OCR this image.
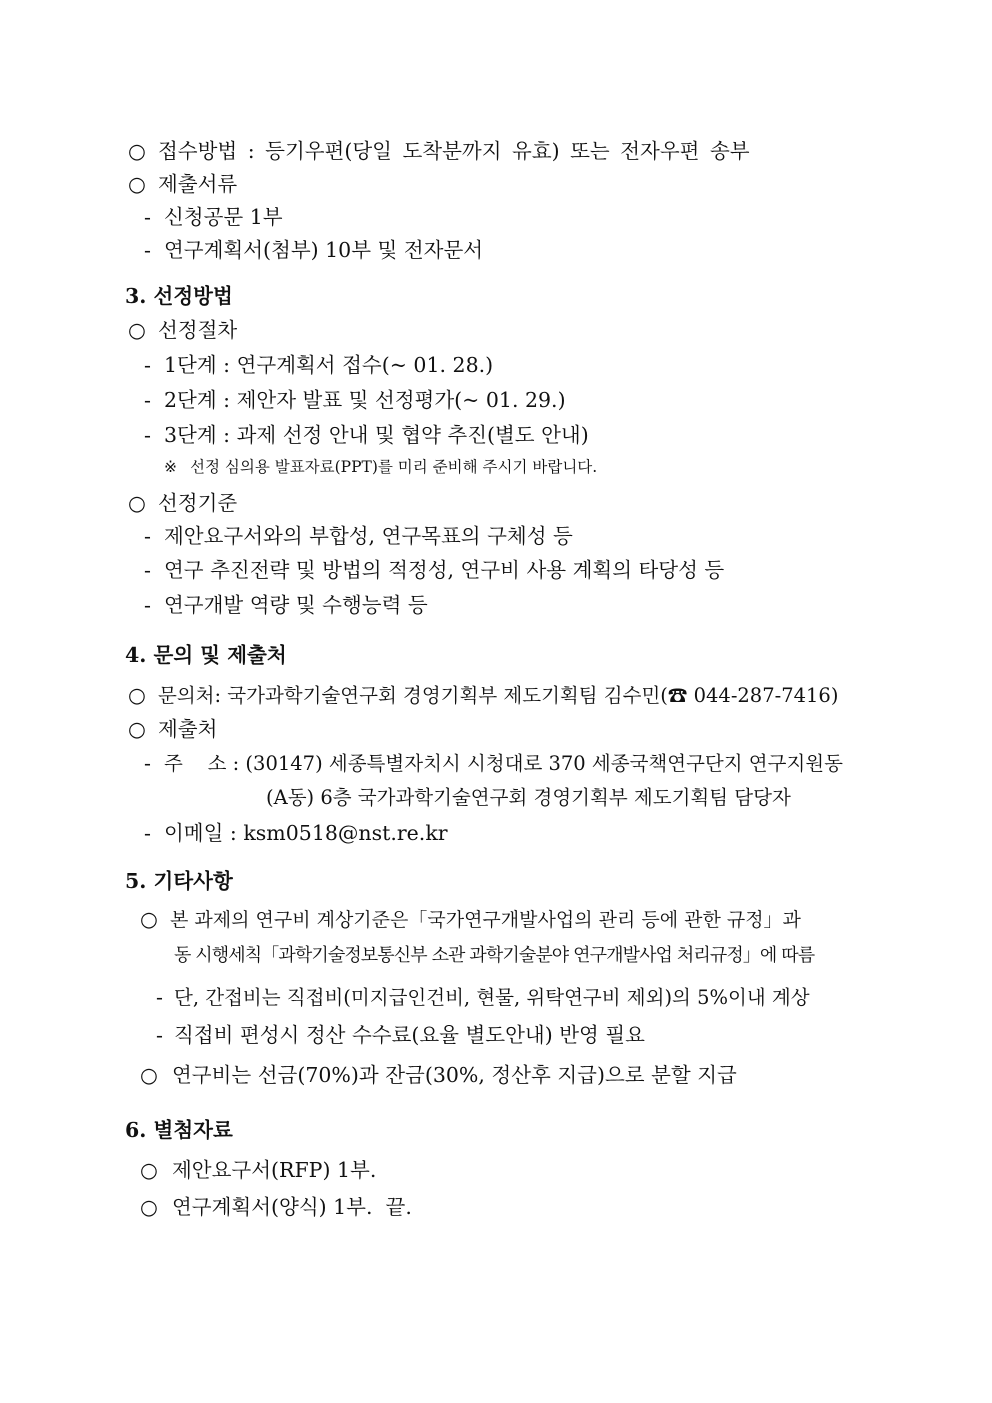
○ 접수방법 : 등기우편(당일 도착분까지 유효) 또는 전자우편 송부
○ 제출서류
- 신청공문 1부
- 연구계획서(첨부) 10부 및 전자문서
3. 선정방법
○ 선정절차
- 1단계 : 연구계획서 접수(~ 01. 28.)
- 2단계 : 제안자 발표 및 선정평가(~ 01. 29.)
- 3단계 : 과제 선정 안내 및 협약 추진(별도 안내)
※ 선정 심의용 발표자료(PPT)를 미리 준비해 주시기 바랍니다.
○ 선정기준
- 제안요구서와의 부합성, 연구목표의 구체성 등
- 연구 추진전략 및 방법의 적정성, 연구비 사용 계획의 타당성 등
- 연구개발 역량 및 수행능력 등
4. 문의 및 제출처
○ 문의처: 국가과학기술연구회 경영기획부 제도기획팀 김수민(☎ 044-287-7416)
○ 제출처
- 주    소 : (30147) 세종특별자치시 시청대로 370 세종국책연구단지 연구지원동
(A동) 6층 국가과학기술연구회 경영기획부 제도기획팀 담당자
- 이메일 : ksm0518@nst.re.kr
5. 기타사항
○ 본 과제의 연구비 계상기준은「국가연구개발사업의 관리 등에 관한 규정」과
동 시행세칙「과학기술정보통신부 소관 과학기술분야 연구개발사업 처리규정」에 따름
- 단, 간접비는 직접비(미지급인건비, 현물, 위탁연구비 제외)의 5%이내 계상
- 직접비 편성시 정산 수수료(요율 별도안내) 반영 필요
○ 연구비는 선금(70%)과 잔금(30%, 정산후 지급)으로 분할 지급
6. 별첨자료
○ 제안요구서(RFP) 1부.
○ 연구계획서(양식) 1부.  끝.
